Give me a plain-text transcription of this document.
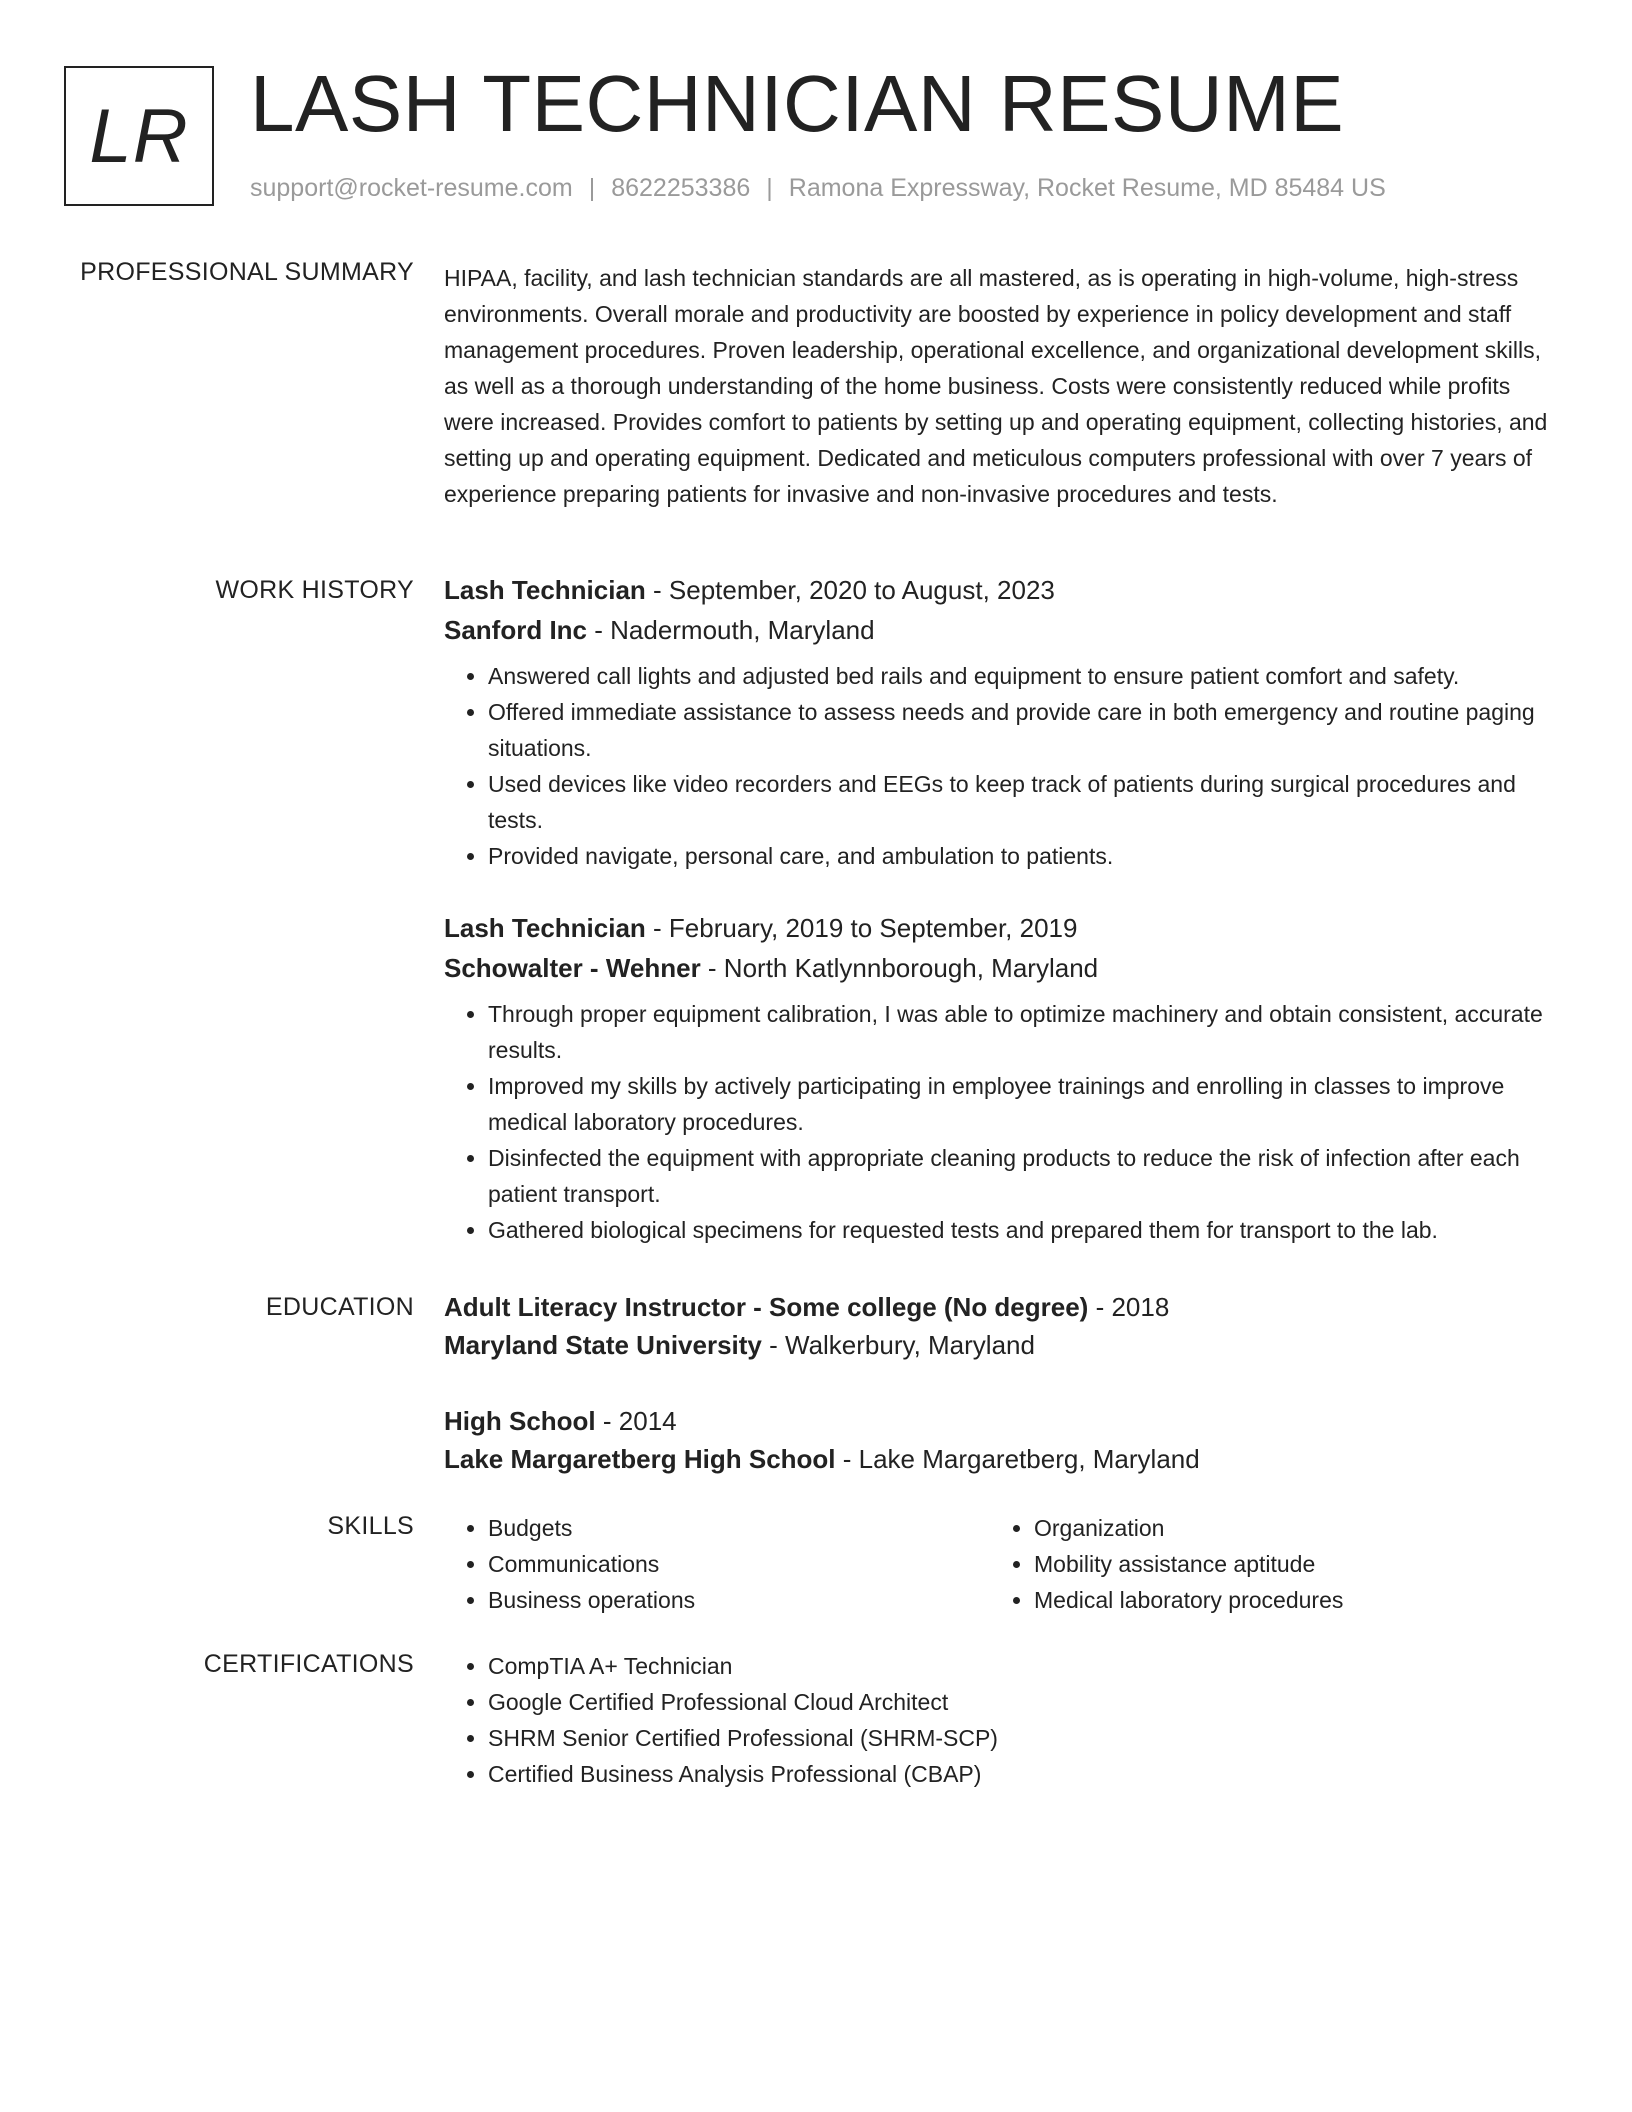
LR LASH TECHNICIAN RESUME
support@rocket-resume.com | 8622253386 | Ramona Expressway, Rocket Resume, MD 85484 US
PROFESSIONAL SUMMARY HIPAA, facility, and lash technician standards are all mastered, as is operating in high-volume, high-stress environments. Overall morale and productivity are boosted by experience in policy development and staff management procedures. Proven leadership, operational excellence, and organizational development skills, as well as a thorough understanding of the home business. Costs were consistently reduced while profits were increased. Provides comfort to patients by setting up and operating equipment, collecting histories, and setting up and operating equipment. Dedicated and meticulous computers professional with over 7 years of experience preparing patients for invasive and non-invasive procedures and tests.

WORK HISTORY Lash Technician - September, 2020 to August, 2023

Sanford Inc - Nadermouth, Maryland

• Answered call lights and adjusted bed rails and equipment to ensure patient comfort and safety.
• Offered immediate assistance to assess needs and provide care in both emergency and routine paging situations.
• Used devices like video recorders and EEGs to keep track of patients during surgical procedures and tests.
• Provided navigate, personal care, and ambulation to patients.

Lash Technician - February, 2019 to September, 2019

Schowalter - Wehner - North Katlynnborough, Maryland

• Through proper equipment calibration, I was able to optimize machinery and obtain consistent, accurate results.
• Improved my skills by actively participating in employee trainings and enrolling in classes to improve medical laboratory procedures.
• Disinfected the equipment with appropriate cleaning products to reduce the risk of infection after each patient transport.
• Gathered biological specimens for requested tests and prepared them for transport to the lab.
EDUCATION Adult Literacy Instructor - Some college (No degree) - 2018

Maryland State University - Walkerbury, Maryland

High School - 2014

Lake Margaretberg High School - Lake Margaretberg, Maryland

SKILLS	• Budgets
• Communications
• Business operations
• Organization
• Mobility assistance aptitude
• Medical laboratory procedures
CERTIFICATIONS	• CompTIA A+ Technician
• Google Certified Professional Cloud Architect
• SHRM Senior Certified Professional (SHRM-SCP)
• Certified Business Analysis Professional (CBAP)
